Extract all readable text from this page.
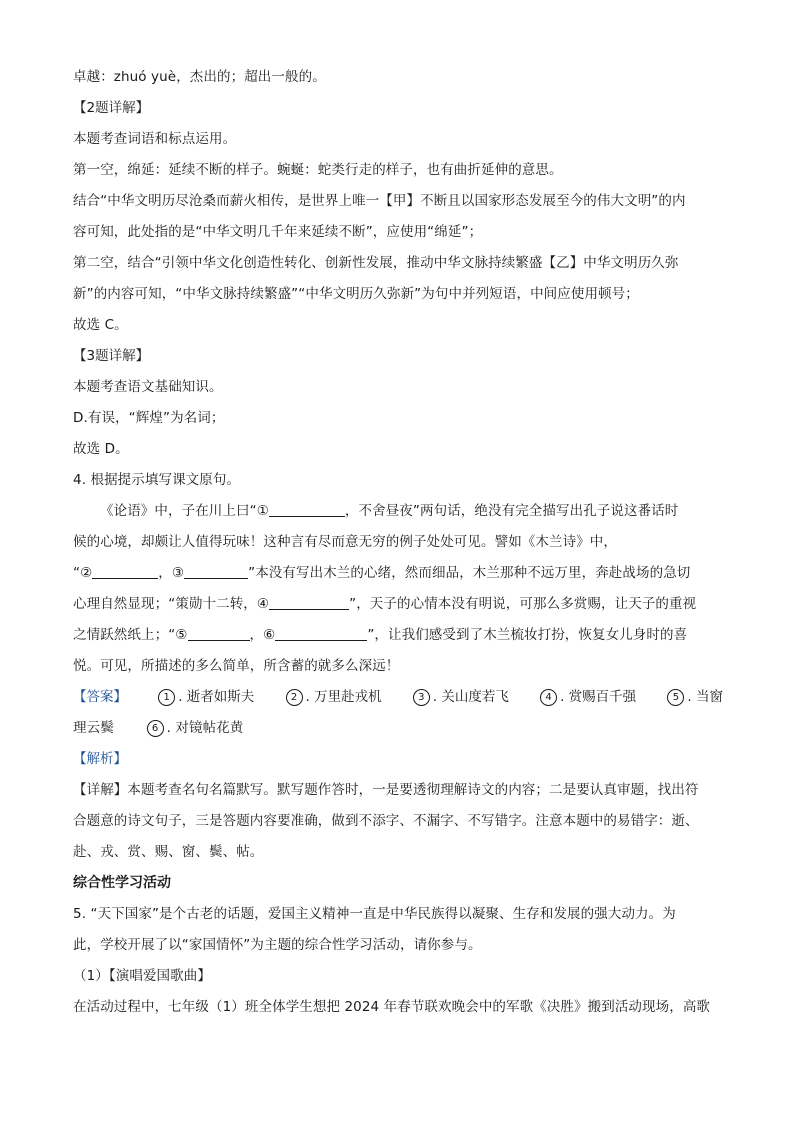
卓越：zhuó yuè，杰出的；超出一般的。
【2题详解】
本题考查词语和标点运用。
第一空，绵延：延续不断的样子。蜿蜒：蛇类行走的样子，也有曲折延伸的意思。
结合“中华文明历尽沧桑而薪火相传，是世界上唯一【甲】不断且以国家形态发展至今的伟大文明”的内
容可知，此处指的是“中华文明几千年来延续不断”，应使用“绵延”；
第二空，结合“引领中华文化创造性转化、创新性发展，推动中华文脉持续繁盛【乙】中华文明历久弥
新”的内容可知，“中华文脉持续繁盛”“中华文明历久弥新”为句中并列短语，中间应使用顿号；
故选 C。
【3题详解】
本题考查语文基础知识。
D.有误，“辉煌”为名词；
故选 D。
4. 根据提示填写课文原句。
《论语》中，子在川上曰“①	，不舍昼夜”两句话，绝没有完全描写出孔子说这番话时
候的心境，却颇让人值得玩味！这种言有尽而意无穷的例子处处可见。譬如《木兰诗》中，
“②	，③	”本没有写出木兰的心绪，然而细品，木兰那种不远万里，奔赴战场的急切
心理自然显现；“策勋十二转，④	”，天子的心情本没有明说，可那么多赏赐，让天子的重视
之情跃然纸上；“⑤	，⑥	”，让我们感受到了木兰梳妆打扮，恢复女儿身时的喜
悦。可见，所描述的多么简单，所含蓄的就多么深远！
【答案】	1 . 逝者如斯夫	2 . 万里赴戎机	3 . 关山度若飞	4 . 赏赐百千强	5 . 当窗
理云鬓	6 . 对镜帖花黄
【解析】
【详解】本题考查名句名篇默写。默写题作答时，一是要透彻理解诗文的内容；二是要认真审题，找出符
合题意的诗文句子，三是答题内容要准确，做到不添字、不漏字、不写错字。注意本题中的易错字：逝、
赴、戎、赏、赐、窗、鬓、帖。
综合性学习活动
5. “天下国家”是个古老的话题，爱国主义精神一直是中华民族得以凝聚、生存和发展的强大动力。为
此，学校开展了以“家国情怀”为主题的综合性学习活动，请你参与。
（1）【演唱爱国歌曲】
在活动过程中，七年级（1）班全体学生想把 2024 年春节联欢晚会中的军歌《决胜》搬到活动现场，高歌
